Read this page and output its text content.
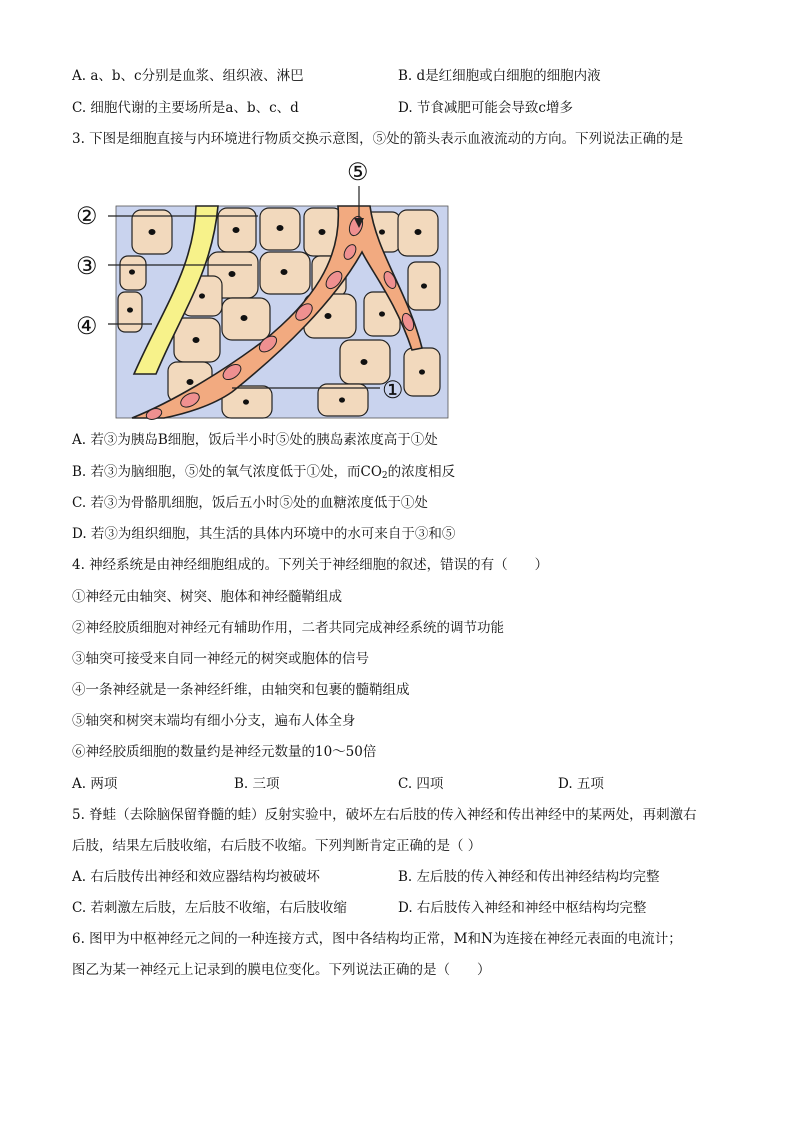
A. a、b、c分别是血浆、组织液、淋巴	B. d是红细胞或白细胞的细胞内液
C. 细胞代谢的主要场所是a、b、c、d	D. 节食减肥可能会导致c增多
3. 下图是细胞直接与内环境进行物质交换示意图，⑤处的箭头表示血液流动的方向。下列说法正确的是
②
③
④
①
⑤
A. 若③为胰岛B细胞，饭后半小时⑤处的胰岛素浓度高于①处
B. 若③为脑细胞，⑤处的氧气浓度低于①处，而$CO_2$的浓度相反
C. 若③为骨骼肌细胞，饭后五小时⑤处的血糖浓度低于①处
D. 若③为组织细胞，其生活的具体内环境中的水可来自于③和⑤
4. 神经系统是由神经细胞组成的。下列关于神经细胞的叙述，错误的有（　　）
①神经元由轴突、树突、胞体和神经髓鞘组成
②神经胶质细胞对神经元有辅助作用，二者共同完成神经系统的调节功能
③轴突可接受来自同一神经元的树突或胞体的信号
④一条神经就是一条神经纤维，由轴突和包裹的髓鞘组成
⑤轴突和树突末端均有细小分支，遍布人体全身
⑥神经胶质细胞的数量约是神经元数量的10～50倍
A. 两项	B. 三项	C. 四项	D. 五项
5. 脊蛙（去除脑保留脊髓的蛙）反射实验中，破坏左右后肢的传入神经和传出神经中的某两处，再刺激右
后肢，结果左后肢收缩，右后肢不收缩。下列判断肯定正确的是（ ）
A. 右后肢传出神经和效应器结构均被破坏	B. 左后肢的传入神经和传出神经结构均完整
C. 若刺激左后肢，左后肢不收缩，右后肢收缩	D. 右后肢传入神经和神经中枢结构均完整
6. 图甲为中枢神经元之间的一种连接方式，图中各结构均正常，M和N为连接在神经元表面的电流计；
图乙为某一神经元上记录到的膜电位变化。下列说法正确的是（　　）
